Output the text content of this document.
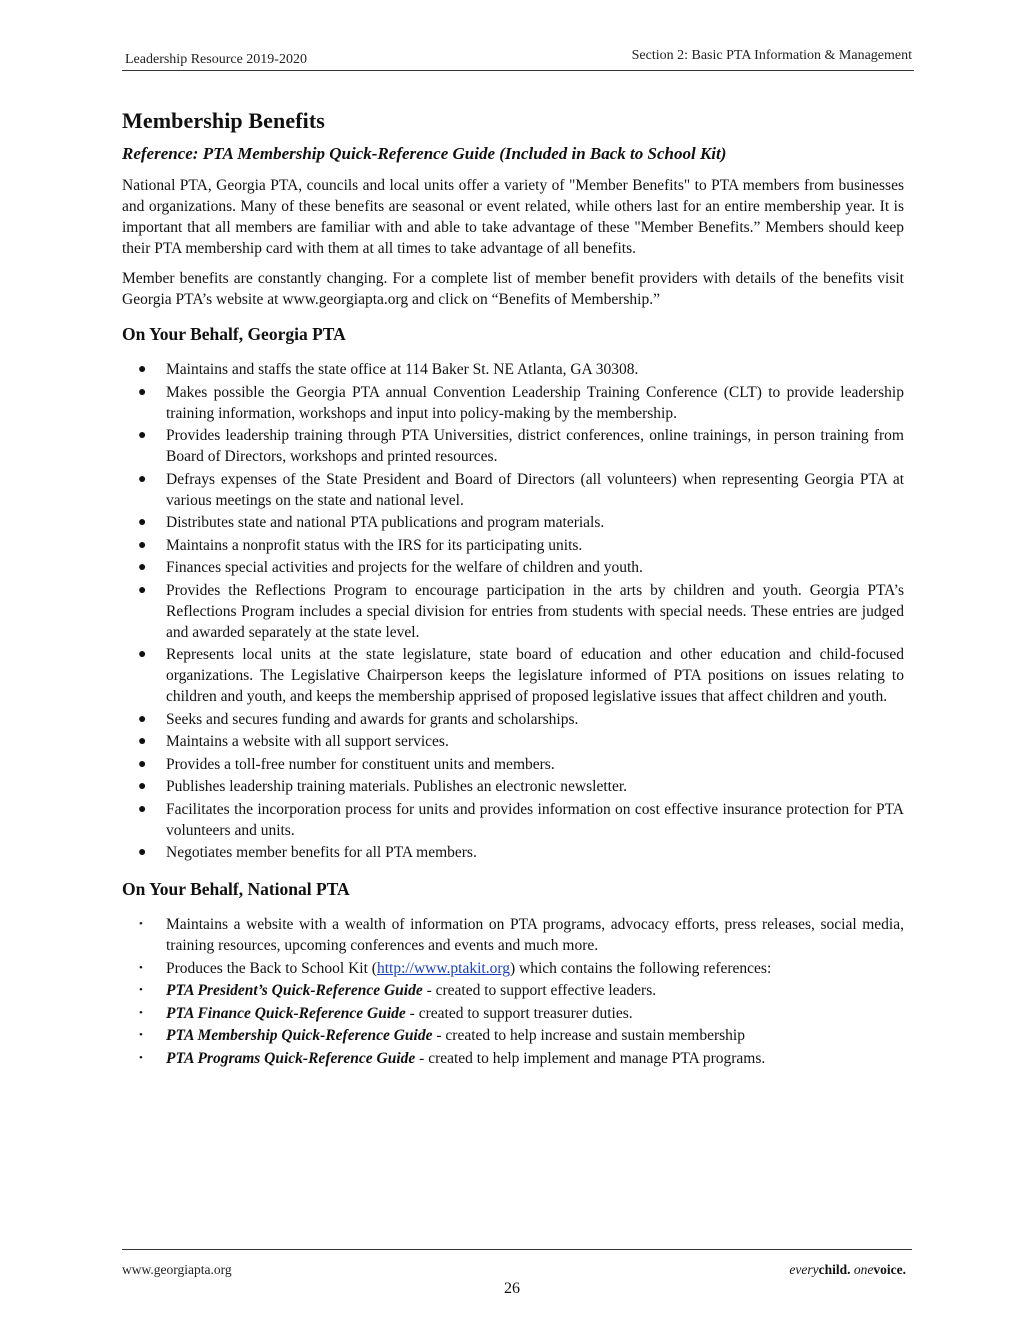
Leadership Resource 2019-2020	Section 2: Basic PTA Information & Management
Membership Benefits
Reference: PTA Membership Quick-Reference Guide (Included in Back to School Kit)

National PTA, Georgia PTA, councils and local units offer a variety of "Member Benefits" to PTA members from businesses and organizations. Many of these benefits are seasonal or event related, while others last for an entire membership year. It is important that all members are familiar with and able to take advantage of these "Member Benefits.” Members should keep their PTA membership card with them at all times to take advantage of all benefits.

Member benefits are constantly changing. For a complete list of member benefit providers with details of the benefits visit Georgia PTA’s website at www.georgiapta.org and click on “Benefits of Membership.”

On Your Behalf, Georgia PTA
● Maintains and staffs the state office at 114 Baker St. NE Atlanta, GA 30308.
● Makes possible the Georgia PTA annual Convention Leadership Training Conference (CLT) to provide leadership training information, workshops and input into policy-making by the membership.
● Provides leadership training through PTA Universities, district conferences, online trainings, in person training from Board of Directors, workshops and printed resources.
● Defrays expenses of the State President and Board of Directors (all volunteers) when representing Georgia PTA at various meetings on the state and national level.
● Distributes state and national PTA publications and program materials.
● Maintains a nonprofit status with the IRS for its participating units.
● Finances special activities and projects for the welfare of children and youth.
● Provides the Reflections Program to encourage participation in the arts by children and youth. Georgia PTA’s Reflections Program includes a special division for entries from students with special needs. These entries are judged and awarded separately at the state level.
● Represents local units at the state legislature, state board of education and other education and child-focused organizations. The Legislative Chairperson keeps the legislature informed of PTA positions on issues relating to children and youth, and keeps the membership apprised of proposed legislative issues that affect children and youth.
● Seeks and secures funding and awards for grants and scholarships.
● Maintains a website with all support services.
● Provides a toll-free number for constituent units and members.
● Publishes leadership training materials. Publishes an electronic newsletter.
● Facilitates the incorporation process for units and provides information on cost effective insurance protection for PTA volunteers and units.
● Negotiates member benefits for all PTA members.
On Your Behalf, National PTA
• Maintains a website with a wealth of information on PTA programs, advocacy efforts, press releases, social media, training resources, upcoming conferences and events and much more.
• Produces the Back to School Kit (http://www.ptakit.org) which contains the following references:
• PTA President’s Quick-Reference Guide - created to support effective leaders.
• PTA Finance Quick-Reference Guide - created to support treasurer duties.
• PTA Membership Quick-Reference Guide - created to help increase and sustain membership
• PTA Programs Quick-Reference Guide - created to help implement and manage PTA programs.
www.georgiapta.org	everychild. onevoice.
26
